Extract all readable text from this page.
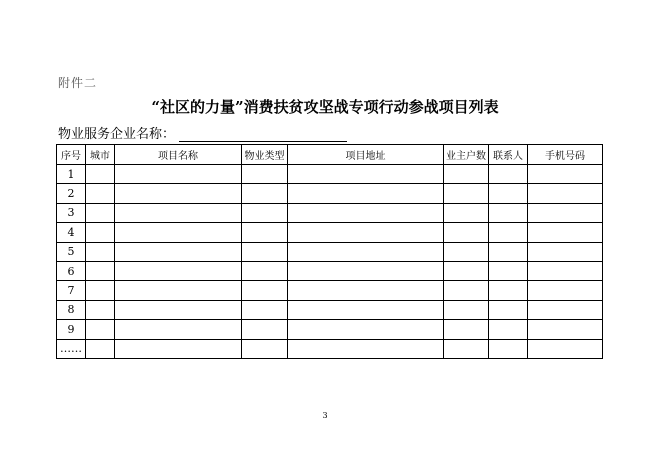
附件二
“社区的力量”消费扶贫攻坚战专项行动参战项目列表
物业服务企业名称：
序号	城市	项目名称	物业类型	项目地址	业主户数	联系人	手机号码
1							
2							
3							
4							
5							
6							
7							
8							
9							
……							
3
